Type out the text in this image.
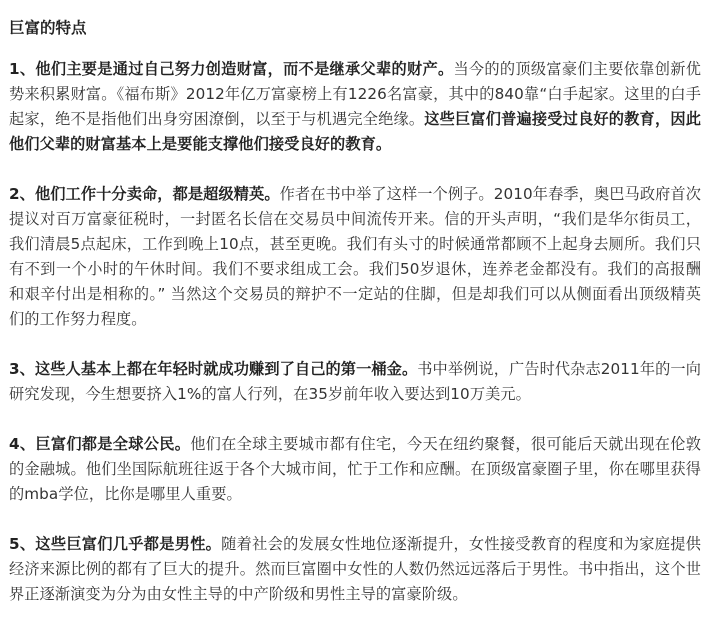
巨富的特点

1、他们主要是通过自己努力创造财富，而不是继承父辈的财产。当今的的顶级富豪们主要依靠创新优势来积累财富。《福布斯》2012年亿万富豪榜上有1226名富豪，其中的840靠“白手起家。这里的白手起家，绝不是指他们出身穷困潦倒，以至于与机遇完全绝缘。这些巨富们普遍接受过良好的教育，因此他们父辈的财富基本上是要能支撑他们接受良好的教育。

2、他们工作十分卖命，都是超级精英。作者在书中举了这样一个例子。2010年春季，奥巴马政府首次提议对百万富豪征税时，一封匿名长信在交易员中间流传开来。信的开头声明，“我们是华尔街员工，我们清晨5点起床，工作到晚上10点，甚至更晚。我们有头寸的时候通常都顾不上起身去厕所。我们只有不到一个小时的午休时间。我们不要求组成工会。我们50岁退休，连养老金都没有。我们的高报酬和艰辛付出是相称的。” 当然这个交易员的辩护不一定站的住脚，但是却我们可以从侧面看出顶级精英们的工作努力程度。

3、这些人基本上都在年轻时就成功赚到了自己的第一桶金。书中举例说，广告时代杂志2011年的一向研究发现，今生想要挤入1%的富人行列，在35岁前年收入要达到10万美元。

4、巨富们都是全球公民。他们在全球主要城市都有住宅，今天在纽约聚餐，很可能后天就出现在伦敦的金融城。他们坐国际航班往返于各个大城市间，忙于工作和应酬。在顶级富豪圈子里，你在哪里获得的mba学位，比你是哪里人重要。

5、这些巨富们几乎都是男性。随着社会的发展女性地位逐渐提升，女性接受教育的程度和为家庭提供经济来源比例的都有了巨大的提升。然而巨富圈中女性的人数仍然远远落后于男性。书中指出，这个世界正逐渐演变为分为由女性主导的中产阶级和男性主导的富豪阶级。
